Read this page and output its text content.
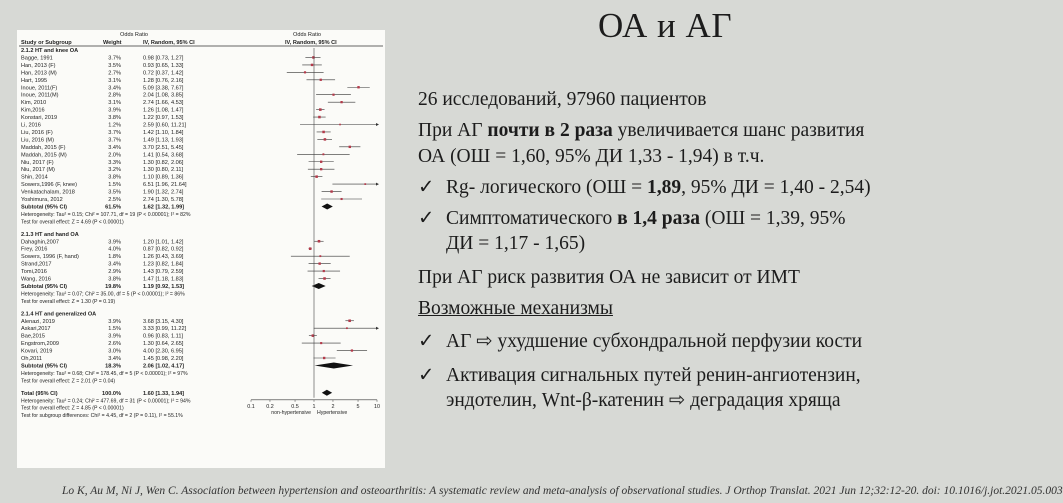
Odds Ratio	Odds Ratio
Study or Subgroup	Weight	IV, Random, 95% CI	IV, Random, 95% CI
2.1.2 HT and knee OA
Bagge, 1991	3.7%	0.98 [0.73, 1.27]
Han, 2013 (F)	3.5%	0.93 [0.65, 1.33]
Han, 2013 (M)	2.7%	0.72 [0.37, 1.42]
Hart, 1995	3.1%	1.28 [0.76, 2.16]
Inoue, 2011(F)	3.4%	5.09 [3.38, 7.67]
Inoue, 2011(M)	2.8%	2.04 [1.08, 3.85]
Kim, 2010	3.1%	2.74 [1.66, 4.53]
Kim,2016	3.9%	1.26 [1.08, 1.47]
Konstari, 2019	3.8%	1.22 [0.97, 1.53]
Li, 2016	1.2%	2.59 [0.60, 11.21]
Liu, 2016 (F)	3.7%	1.42 [1.10, 1.84]
Liu, 2016 (M)	3.7%	1.49 [1.13, 1.93]
Maddah, 2015 (F)	3.4%	3.70 [2.51, 5.45]
Maddah, 2015 (M)	2.0%	1.41 [0.54, 3.68]
Niu, 2017 (F)	3.3%	1.30 [0.82, 2.06]
Niu, 2017 (M)	3.2%	1.30 [0.80, 2.11]
Shin, 2014	3.8%	1.10 [0.89, 1.36]
Sowers,1996 (F, knee)	1.5%	6.51 [1.96, 21.64]
Venkatachalam, 2018	3.5%	1.90 [1.32, 2.74]
Yoshimura, 2012	2.5%	2.74 [1.30, 5.78]
Subtotal (95% CI)	61.5%	1.62 [1.32, 1.99]
Heterogeneity: Tau² = 0.15; Chi² = 107.71, df = 19 (P < 0.00001); I² = 82%
Test for overall effect: Z = 4.69 (P < 0.00001)
2.1.3 HT and hand OA
Dahaghin,2007	3.9%	1.20 [1.01, 1.42]
Frey, 2016	4.0%	0.87 [0.82, 0.92]
Sowers, 1996 (F, hand)	1.8%	1.26 [0.43, 3.69]
Strand,2017	3.4%	1.23 [0.82, 1.84]
Tomi,2016	2.9%	1.43 [0.79, 2.59]
Wang, 2016	3.8%	1.47 [1.18, 1.83]
Subtotal (95% CI)	19.8%	1.19 [0.92, 1.53]
Heterogeneity: Tau² = 0.07; Chi² = 35.00, df = 5 (P < 0.00001); I² = 86%
Test for overall effect: Z = 1.30 (P = 0.19)
2.1.4 HT and generalized OA
Alenazi, 2019	3.9%	3.68 [3.15, 4.30]
Askari,2017	1.5%	3.33 [0.99, 11.22]
Bae,2015	3.9%	0.96 [0.83, 1.11]
Engstrom,2009	2.6%	1.30 [0.64, 2.65]
Kovari, 2019	3.0%	4.00 [2.30, 6.95]
Oh,2011	3.4%	1.45 [0.98, 2.20]
Subtotal (95% CI)	18.3%	2.06 [1.02, 4.17]
Heterogeneity: Tau² = 0.68; Chi² = 178.45, df = 5 (P < 0.00001); I² = 97%
Test for overall effect: Z = 2.01 (P = 0.04)
Total (95% CI)	100.0%	1.60 [1.33, 1.94]
Heterogeneity: Tau² = 0.24; Chi² = 477.69, df = 31 (P < 0.00001); I² = 94%
Test for overall effect: Z = 4.85 (P < 0.00001)
Test for subgroup differences: Chi² = 4.45, df = 2 (P = 0.11), I² = 55.1%
0.1 0.2	0.5	1	2	5	10
non-hypertensive Hypertensive
ОА и АГ
26 исследований, 97960 пациентов
При АГ почти в 2 раза увеличивается шанс развития
ОА (ОШ = 1,60, 95% ДИ 1,33 - 1,94) в т.ч.
✓ Rg- логического (ОШ = 1,89, 95% ДИ = 1,40 - 2,54)
✓ Симптоматического в 1,4 раза (ОШ = 1,39, 95%
ДИ = 1,17 - 1,65)
При АГ риск развития ОА не зависит от ИМТ
Возможные механизмы
✓ АГ ⇨ ухудшение субхондральной перфузии кости
✓ Активация сигнальных путей ренин-ангиотензин,
эндотелин, Wnt-β-катенин ⇨ деградация хряща
Lo K, Au M, Ni J, Wen C. Association between hypertension and osteoarthritis: A systematic review and meta-analysis of observational studies. J Orthop Translat. 2021 Jun 12;32:12-20. doi: 10.1016/j.jot.2021.05.003
